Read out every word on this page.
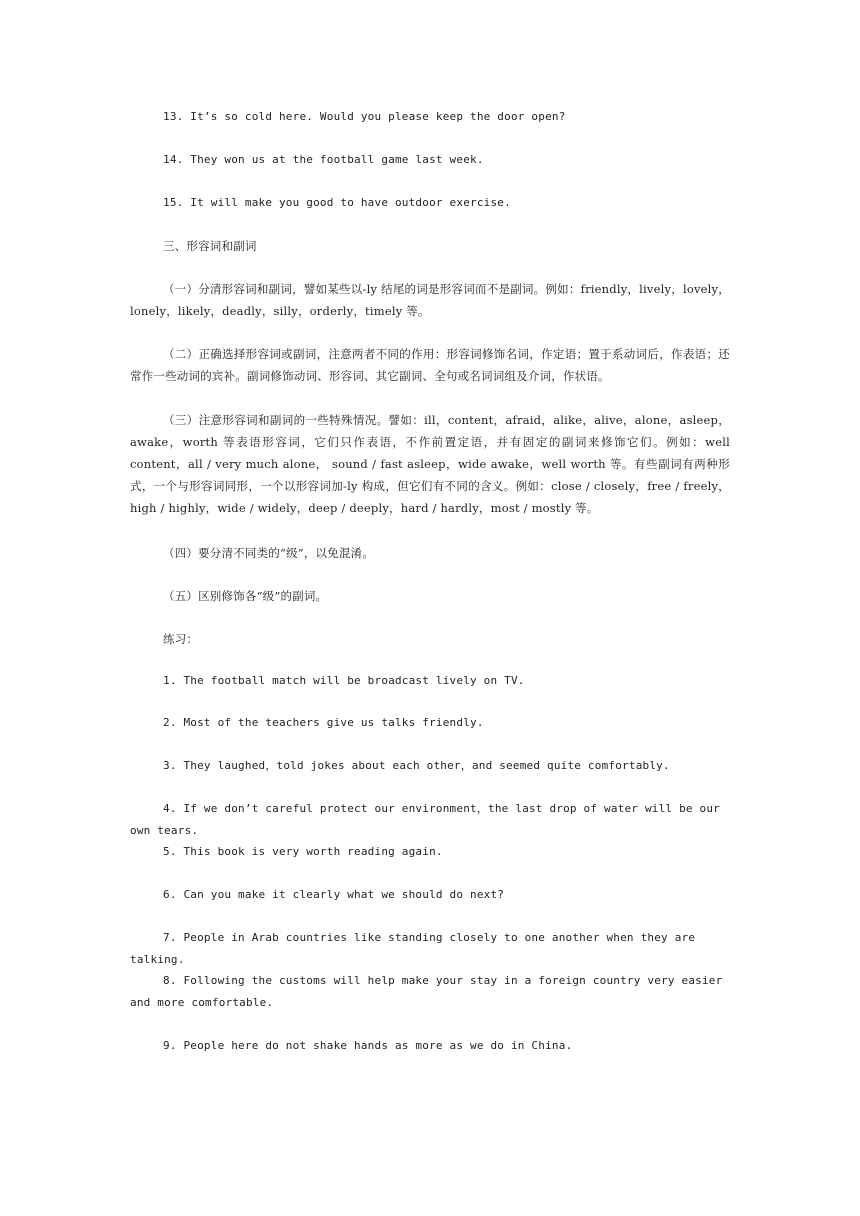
13. It’s so cold here. Would you please keep the door open?

14. They won us at the football game last week.

15. It will make you good to have outdoor exercise.

三、形容词和副词

（一）分清形容词和副词，譬如某些以-ly 结尾的词是形容词而不是副词。例如：friendly，lively，lovely，lonely，likely，deadly，silly，orderly，timely 等。

（二）正确选择形容词或副词，注意两者不同的作用：形容词修饰名词，作定语；置于系动词后，作表语；还常作一些动词的宾补。副词修饰动词、形容词、其它副词、全句或名词词组及介词，作状语。

（三）注意形容词和副词的一些特殊情况。譬如：ill，content，afraid，alike，alive，alone，asleep，awake，worth 等表语形容词，它们只作表语，不作前置定语，并有固定的副词来修饰它们。例如：well content，all / very much alone， sound / fast asleep，wide awake，well worth 等。有些副词有两种形式，一个与形容词同形，一个以形容词加-ly 构成，但它们有不同的含义。例如：close / closely，free / freely，high / highly，wide / widely，deep / deeply，hard / hardly，most / mostly 等。

（四）要分清不同类的“级”，以免混淆。

（五）区别修饰各“级”的副词。

练习：

1. The football match will be broadcast lively on TV.

2. Most of the teachers give us talks friendly.

3. They laughed，told jokes about each other，and seemed quite comfortably.

4. If we don’t careful protect our environment，the last drop of water will be our own tears.

5. This book is very worth reading again.

6. Can you make it clearly what we should do next?

7. People in Arab countries like standing closely to one another when they are talking.

8. Following the customs will help make your stay in a foreign country very easier and more comfortable.

9. People here do not shake hands as more as we do in China.
